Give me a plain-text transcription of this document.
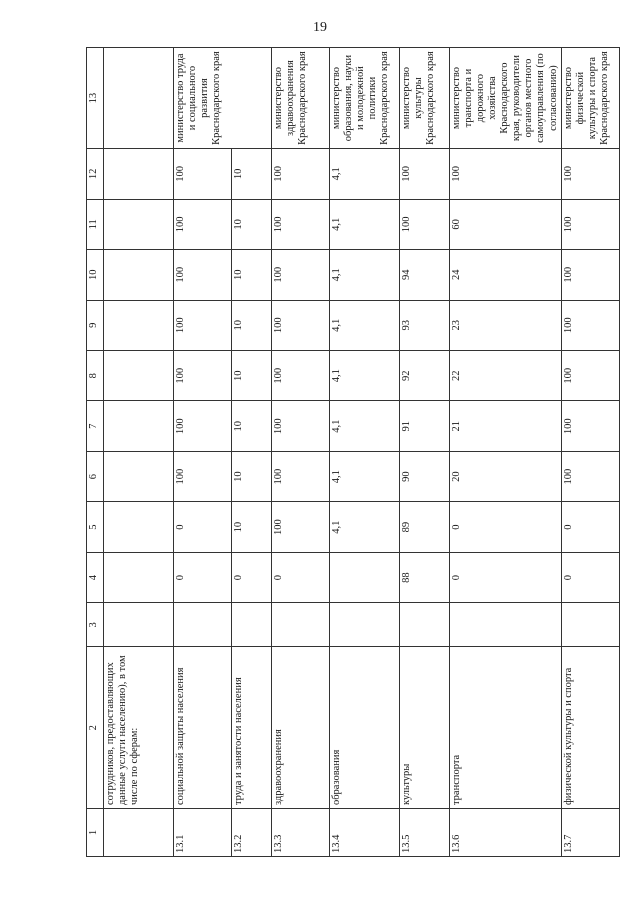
19
1	2	3	4	5	6	7	8	9	10	11	12	13
	сотрудников, предоставляющих данные услуги населению), в том числе по сферам:											
13.1	социальной защиты населения		0	0	100	100	100	100	100	100	100	министерство труда и социального развития Краснодарского края
13.2	труда и занятости населения		0	10	10	10	10	10	10	10	10	
13.3	здравоохранения		0	100	100	100	100	100	100	100	100	министерство здравоохранения Краснодарского края
13.4	образования			4,1	4,1	4,1	4,1	4,1	4,1	4,1	4,1	министерство образования, науки и молодежной политики Краснодарского края
13.5	культуры		88	89	90	91	92	93	94	100	100	министерство культуры Краснодарского края
13.6	транспорта		0	0	20	21	22	23	24	60	100	министерство транспорта и дорожного хозяйства Краснодарского края, руководители органов местного самоуправления (по согласованию)
13.7	физической культуры и спорта		0	0	100	100	100	100	100	100	100	министерство физической культуры и спорта Краснодарского края
